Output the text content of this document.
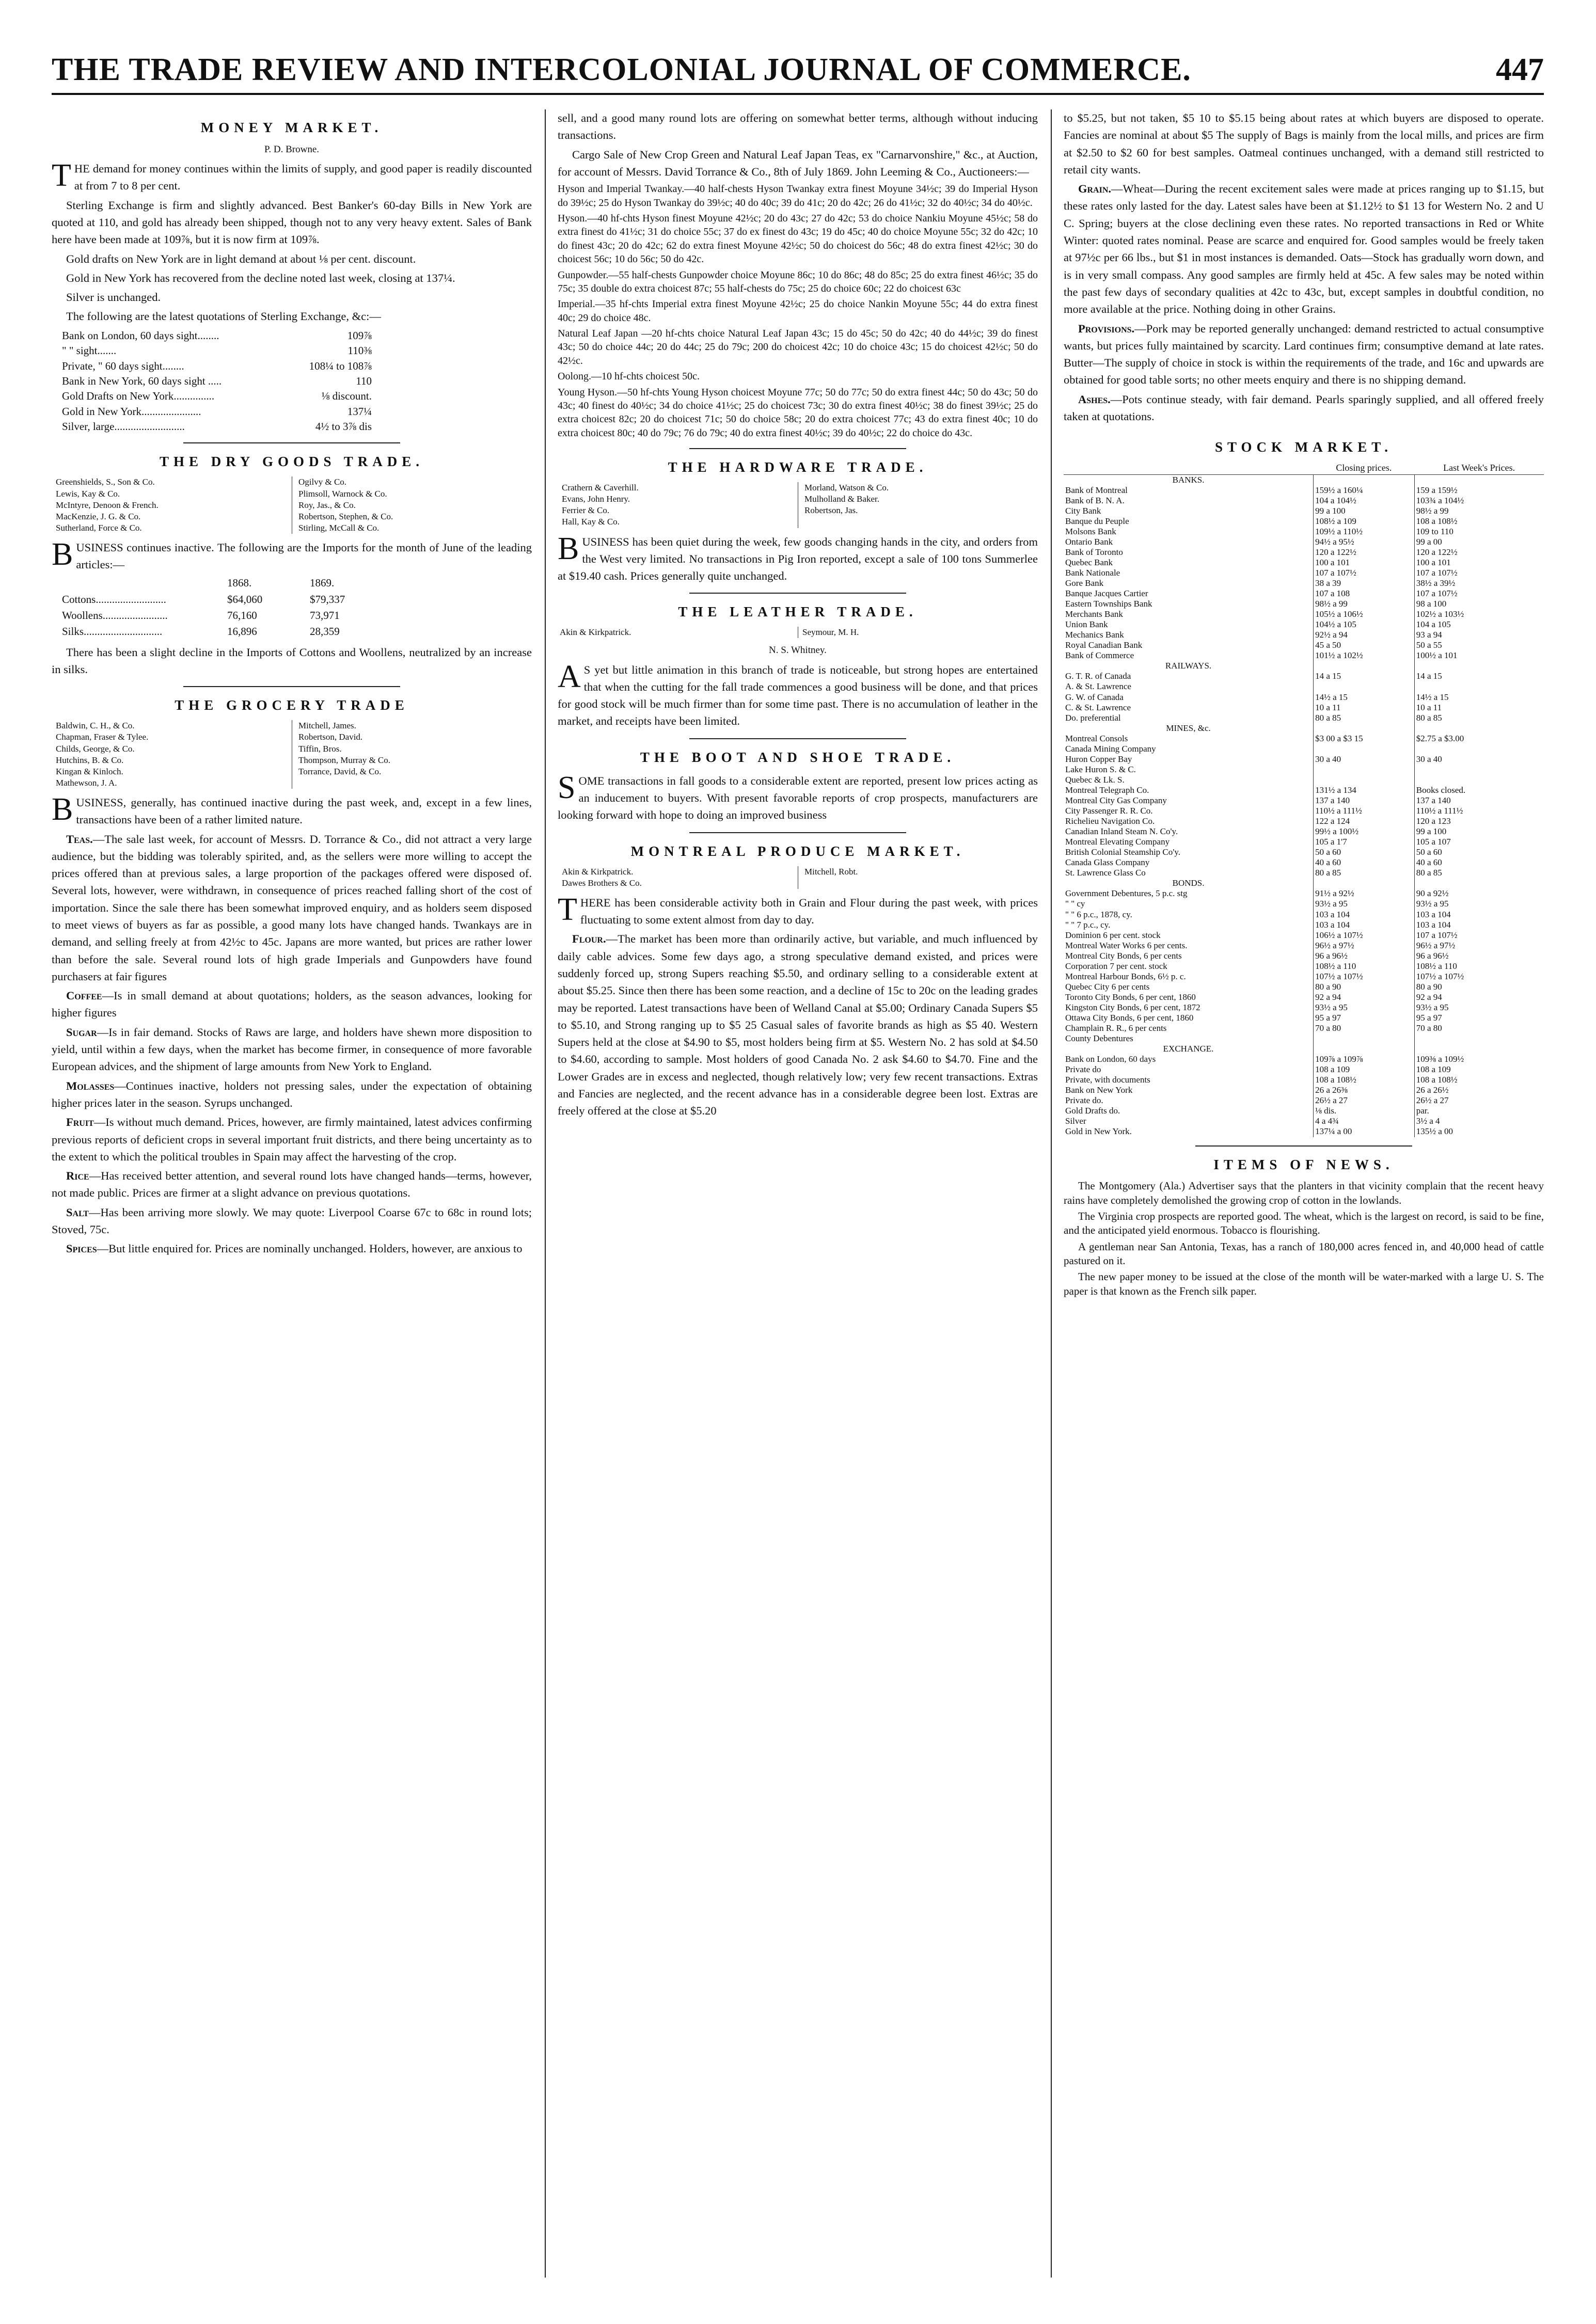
THE TRADE REVIEW AND INTERCOLONIAL JOURNAL OF COMMERCE.	447
MONEY MARKET.
P. D. Browne.

THE demand for money continues within the limits of supply, and good paper is readily discounted at from 7 to 8 per cent.

Sterling Exchange is firm and slightly advanced. Best Banker's 60-day Bills in New York are quoted at 110, and gold has already been shipped, though not to any very heavy extent. Sales of Bank here have been made at 109⅞, but it is now firm at 109⅞.

Gold drafts on New York are in light demand at about ⅛ per cent. discount.

Gold in New York has recovered from the decline noted last week, closing at 137¼.

Silver is unchanged.

The following are the latest quotations of Sterling Exchange, &c:—

Bank on London, 60 days sight........	109⅞
" " sight.......	110⅜
Private, " 60 days sight........	108¼ to 108⅞
Bank in New York, 60 days sight .....	110
Gold Drafts on New York...............	⅛ discount.
Gold in New York......................	137¼
Silver, large..........................	4½ to 3⅞ dis
THE DRY GOODS TRADE.
Greenshields, S., Son & Co.
Lewis, Kay & Co.
McIntyre, Denoon & French.
MacKenzie, J. G. & Co.
Sutherland, Force & Co.
Ogilvy & Co.
Plimsoll, Warnock & Co.
Roy, Jas., & Co.
Robertson, Stephen, & Co.
Stirling, McCall & Co.

BUSINESS continues inactive. The following are the Imports for the month of June of the leading articles:—

1868.	1869.
Cottons..........................	$64,060	$79,337
Woollens........................	76,160	73,971
Silks.............................	16,896	28,359

There has been a slight decline in the Imports of Cottons and Woollens, neutralized by an increase in silks.

THE GROCERY TRADE
Baldwin, C. H., & Co.
Chapman, Fraser & Tylee.
Childs, George, & Co.
Hutchins, B. & Co.
Kingan & Kinloch.
Mathewson, J. A.
Mitchell, James.
Robertson, David.
Tiffin, Bros.
Thompson, Murray & Co.
Torrance, David, & Co.

BUSINESS, generally, has continued inactive during the past week, and, except in a few lines, transactions have been of a rather limited nature.

Teas.—The sale last week, for account of Messrs. D. Torrance & Co., did not attract a very large audience, but the bidding was tolerably spirited, and, as the sellers were more willing to accept the prices offered than at previous sales, a large proportion of the packages offered were disposed of. Several lots, however, were withdrawn, in consequence of prices reached falling short of the cost of importation. Since the sale there has been somewhat improved enquiry, and as holders seem disposed to meet views of buyers as far as possible, a good many lots have changed hands. Twankays are in demand, and selling freely at from 42½c to 45c. Japans are more wanted, but prices are rather lower than before the sale. Several round lots of high grade Imperials and Gunpowders have found purchasers at fair figures

Coffee—Is in small demand at about quotations; holders, as the season advances, looking for higher figures

Sugar—Is in fair demand. Stocks of Raws are large, and holders have shewn more disposition to yield, until within a few days, when the market has become firmer, in consequence of more favorable European advices, and the shipment of large amounts from New York to England.

Molasses—Continues inactive, holders not pressing sales, under the expectation of obtaining higher prices later in the season. Syrups unchanged.

Fruit—Is without much demand. Prices, however, are firmly maintained, latest advices confirming previous reports of deficient crops in several important fruit districts, and there being uncertainty as to the extent to which the political troubles in Spain may affect the harvesting of the crop.

Rice—Has received better attention, and several round lots have changed hands—terms, however, not made public. Prices are firmer at a slight advance on previous quotations.

Salt—Has been arriving more slowly. We may quote: Liverpool Coarse 67c to 68c in round lots; Stoved, 75c.

Spices—But little enquired for. Prices are nominally unchanged. Holders, however, are anxious to

sell, and a good many round lots are offering on somewhat better terms, although without inducing transactions.

Cargo Sale of New Crop Green and Natural Leaf Japan Teas, ex "Carnarvonshire," &c., at Auction, for account of Messrs. David Torrance & Co., 8th of July 1869. John Leeming & Co., Auctioneers:—

Hyson and Imperial Twankay.—40 half-chests Hyson Twankay extra finest Moyune 34½c; 39 do Imperial Hyson do 39½c; 25 do Hyson Twankay do 39½c; 40 do 40c; 39 do 41c; 20 do 42c; 26 do 41½c; 32 do 40½c; 34 do 40½c.

Hyson.—40 hf-chts Hyson finest Moyune 42½c; 20 do 43c; 27 do 42c; 53 do choice Nankiu Moyune 45½c; 58 do extra finest do 41½c; 31 do choice 55c; 37 do ex finest do 43c; 19 do 45c; 40 do choice Moyune 55c; 32 do 42c; 10 do finest 43c; 20 do 42c; 62 do extra finest Moyune 42½c; 50 do choicest do 56c; 48 do extra finest 42½c; 30 do choicest 56c; 10 do 56c; 50 do 42c.

Gunpowder.—55 half-chests Gunpowder choice Moyune 86c; 10 do 86c; 48 do 85c; 25 do extra finest 46½c; 35 do 75c; 35 double do extra choicest 87c; 55 half-chests do 75c; 25 do choice 60c; 22 do choicest 63c

Imperial.—35 hf-chts Imperial extra finest Moyune 42½c; 25 do choice Nankin Moyune 55c; 44 do extra finest 40c; 29 do choice 48c.

Natural Leaf Japan —20 hf-chts choice Natural Leaf Japan 43c; 15 do 45c; 50 do 42c; 40 do 44½c; 39 do finest 43c; 50 do choice 44c; 20 do 44c; 25 do 79c; 200 do choicest 42c; 10 do choice 43c; 15 do choicest 42½c; 50 do 42½c.

Oolong.—10 hf-chts choicest 50c.

Young Hyson.—50 hf-chts Young Hyson choicest Moyune 77c; 50 do 77c; 50 do extra finest 44c; 50 do 43c; 50 do 43c; 40 finest do 40½c; 34 do choice 41½c; 25 do choicest 73c; 30 do extra finest 40½c; 38 do finest 39½c; 25 do extra choicest 82c; 20 do choicest 71c; 50 do choice 58c; 20 do extra choicest 77c; 43 do extra finest 40c; 10 do extra choicest 80c; 40 do 79c; 76 do 79c; 40 do extra finest 40½c; 39 do 40½c; 22 do choice do 43c.

THE HARDWARE TRADE.
Crathern & Caverhill.
Evans, John Henry.
Ferrier & Co.
Hall, Kay & Co.
Morland, Watson & Co.
Mulholland & Baker.
Robertson, Jas.

BUSINESS has been quiet during the week, few goods changing hands in the city, and orders from the West very limited. No transactions in Pig Iron reported, except a sale of 100 tons Summerlee at $19.40 cash. Prices generally quite unchanged.

THE LEATHER TRADE.
Akin & Kirkpatrick.	Seymour, M. H.
N. S. Whitney.

AS yet but little animation in this branch of trade is noticeable, but strong hopes are entertained that when the cutting for the fall trade commences a good business will be done, and that prices for good stock will be much firmer than for some time past. There is no accumulation of leather in the market, and receipts have been limited.

THE BOOT AND SHOE TRADE.

SOME transactions in fall goods to a considerable extent are reported, present low prices acting as an inducement to buyers. With present favorable reports of crop prospects, manufacturers are looking forward with hope to doing an improved business

MONTREAL PRODUCE MARKET.
Akin & Kirkpatrick.
Dawes Brothers & Co.
Mitchell, Robt.

THERE has been considerable activity both in Grain and Flour during the past week, with prices fluctuating to some extent almost from day to day.

Flour.—The market has been more than ordinarily active, but variable, and much influenced by daily cable advices. Some few days ago, a strong speculative demand existed, and prices were suddenly forced up, strong Supers reaching $5.50, and ordinary selling to a considerable extent at about $5.25. Since then there has been some reaction, and a decline of 15c to 20c on the leading grades may be reported. Latest transactions have been of Welland Canal at $5.00; Ordinary Canada Supers $5 to $5.10, and Strong ranging up to $5 25 Casual sales of favorite brands as high as $5 40. Western Supers held at the close at $4.90 to $5, most holders being firm at $5. Western No. 2 has sold at $4.50 to $4.60, according to sample. Most holders of good Canada No. 2 ask $4.60 to $4.70. Fine and the Lower Grades are in excess and neglected, though relatively low; very few recent transactions. Extras and Fancies are neglected, and the recent advance has in a considerable degree been lost. Extras are freely offered at the close at $5.20

to $5.25, but not taken, $5 10 to $5.15 being about rates at which buyers are disposed to operate. Fancies are nominal at about $5 The supply of Bags is mainly from the local mills, and prices are firm at $2.50 to $2 60 for best samples. Oatmeal continues unchanged, with a demand still restricted to retail city wants.

Grain.—Wheat—During the recent excitement sales were made at prices ranging up to $1.15, but these rates only lasted for the day. Latest sales have been at $1.12½ to $1 13 for Western No. 2 and U C. Spring; buyers at the close declining even these rates. No reported transactions in Red or White Winter: quoted rates nominal. Pease are scarce and enquired for. Good samples would be freely taken at 97½c per 66 lbs., but $1 in most instances is demanded. Oats—Stock has gradually worn down, and is in very small compass. Any good samples are firmly held at 45c. A few sales may be noted within the past few days of secondary qualities at 42c to 43c, but, except samples in doubtful condition, no more available at the price. Nothing doing in other Grains.

Provisions.—Pork may be reported generally unchanged: demand restricted to actual consumptive wants, but prices fully maintained by scarcity. Lard continues firm; consumptive demand at late rates. Butter—The supply of choice in stock is within the requirements of the trade, and 16c and upwards are obtained for good table sorts; no other meets enquiry and there is no shipping demand.

Ashes.—Pots continue steady, with fair demand. Pearls sparingly supplied, and all offered freely taken at quotations.

STOCK MARKET.
	Closing prices.	Last Week's Prices.
BANKS.		
Bank of Montreal	159½ a 160¼	159 a 159½
Bank of B. N. A.	104 a 104½	103¾ a 104½
City Bank	99 a 100	98½ a 99
Banque du Peuple	108½ a 109	108 a 108½
Molsons Bank	109½ a 110½	109 to 110
Ontario Bank	94½ a 95½	99 a 00
Bank of Toronto	120 a 122½	120 a 122½
Quebec Bank	100 a 101	100 a 101
Bank Nationale	107 a 107½	107 a 107½
Gore Bank	38 a 39	38½ a 39½
Banque Jacques Cartier	107 a 108	107 a 107½
Eastern Townships Bank	98½ a 99	98 a 100
Merchants Bank	105½ a 106½	102½ a 103½
Union Bank	104½ a 105	104 a 105
Mechanics Bank	92½ a 94	93 a 94
Royal Canadian Bank	45 a 50	50 a 55
Bank of Commerce	101½ a 102½	100½ a 101
RAILWAYS.		
G. T. R. of Canada	14 a 15	14 a 15
A. & St. Lawrence		
G. W. of Canada	14½ a 15	14½ a 15
C. & St. Lawrence	10 a 11	10 a 11
Do. preferential	80 a 85	80 a 85
MINES, &c.		
Montreal Consols	$3 00 a $3 15	$2.75 a $3.00
Canada Mining Company		
Huron Copper Bay	30 a 40	30 a 40
Lake Huron S. & C.		
Quebec & Lk. S.		
Montreal Telegraph Co.	131½ a 134	Books closed.
Montreal City Gas Company	137 a 140	137 a 140
City Passenger R. R. Co.	110½ a 111½	110½ a 111½
Richelieu Navigation Co.	122 a 124	120 a 123
Canadian Inland Steam N. Co'y.	99½ a 100½	99 a 100
Montreal Elevating Company	105 a 1'7	105 a 107
British Colonial Steamship Co'y.	50 a 60	50 a 60
Canada Glass Company	40 a 60	40 a 60
St. Lawrence Glass Co	80 a 85	80 a 85
BONDS.		
Government Debentures, 5 p.c. stg	91½ a 92½	90 a 92½
" " cy	93½ a 95	93½ a 95
" " 6 p.c., 1878, cy.	103 a 104	103 a 104
" " 7 p.c., cy.	103 a 104	103 a 104
Dominion 6 per cent. stock	106½ a 107½	107 a 107½
Montreal Water Works 6 per cents.	96½ a 97½	96½ a 97½
Montreal City Bonds, 6 per cents	96 a 96½	96 a 96½
Corporation 7 per cent. stock	108½ a 110	108½ a 110
Montreal Harbour Bonds, 6½ p. c.	107½ a 107½	107½ a 107½
Quebec City 6 per cents	80 a 90	80 a 90
Toronto City Bonds, 6 per cent, 1860	92 a 94	92 a 94
Kingston City Bonds, 6 per cent, 1872	93½ a 95	93½ a 95
Ottawa City Bonds, 6 per cent, 1860	95 a 97	95 a 97
Champlain R. R., 6 per cents	70 a 80	70 a 80
County Debentures		
EXCHANGE.		
Bank on London, 60 days	109⅞ a 109⅞	109⅜ a 109½
Private do	108 a 109	108 a 109
Private, with documents	108 a 108½	108 a 108½
Bank on New York	26 a 26⅜	26 a 26½
Private do.	26½ a 27	26½ a 27
Gold Drafts do.	⅛ dis.	par.
Silver	4 a 4¾	3½ a 4
Gold in New York.	137¼ a 00	135½ a 00
ITEMS OF NEWS.

The Montgomery (Ala.) Advertiser says that the planters in that vicinity complain that the recent heavy rains have completely demolished the growing crop of cotton in the lowlands.

The Virginia crop prospects are reported good. The wheat, which is the largest on record, is said to be fine, and the anticipated yield enormous. Tobacco is flourishing.

A gentleman near San Antonia, Texas, has a ranch of 180,000 acres fenced in, and 40,000 head of cattle pastured on it.

The new paper money to be issued at the close of the month will be water-marked with a large U. S. The paper is that known as the French silk paper.
